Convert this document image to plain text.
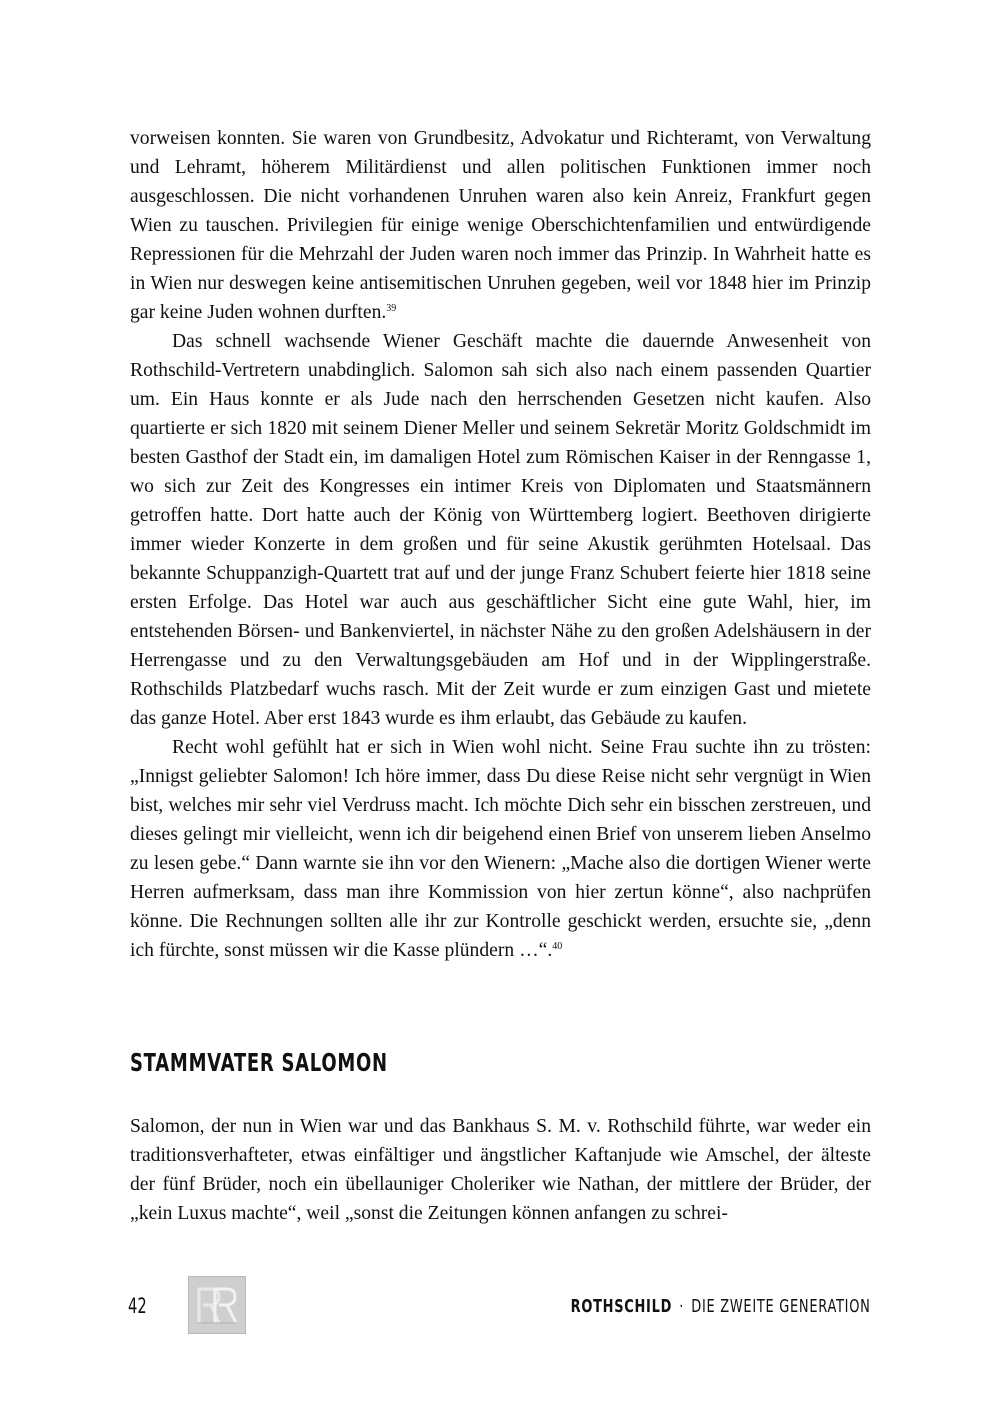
vorweisen konnten. Sie waren von Grundbesitz, Advokatur und Richteramt, von Verwaltung und Lehramt, höherem Militärdienst und allen politischen Funktionen immer noch ausgeschlossen. Die nicht vorhandenen Unruhen waren also kein Anreiz, Frankfurt gegen Wien zu tauschen. Privilegien für einige wenige Oberschichtenfamilien und entwürdigende Repressionen für die Mehrzahl der Juden waren noch immer das Prinzip. In Wahrheit hatte es in Wien nur deswegen keine antisemitischen Unruhen gegeben, weil vor 1848 hier im Prinzip gar keine Juden wohnen durften.$^{39}$

Das schnell wachsende Wiener Geschäft machte die dauernde Anwesenheit von Rothschild-Vertretern unabdinglich. Salomon sah sich also nach einem passenden Quartier um. Ein Haus konnte er als Jude nach den herrschenden Gesetzen nicht kaufen. Also quartierte er sich 1820 mit seinem Diener Meller und seinem Sekretär Moritz Goldschmidt im besten Gasthof der Stadt ein, im damaligen Hotel zum Römischen Kaiser in der Renngasse 1, wo sich zur Zeit des Kongresses ein intimer Kreis von Diplomaten und Staatsmännern getroffen hatte. Dort hatte auch der König von Württemberg logiert. Beethoven dirigierte immer wieder Konzerte in dem großen und für seine Akustik gerühmten Hotelsaal. Das bekannte Schuppanzigh-Quartett trat auf und der junge Franz Schubert feierte hier 1818 seine ersten Erfolge. Das Hotel war auch aus geschäftlicher Sicht eine gute Wahl, hier, im entstehenden Börsen- und Bankenviertel, in nächster Nähe zu den großen Adelshäusern in der Herrengasse und zu den Verwaltungsgebäuden am Hof und in der Wipplingerstraße. Rothschilds Platzbedarf wuchs rasch. Mit der Zeit wurde er zum einzigen Gast und mietete das ganze Hotel. Aber erst 1843 wurde es ihm erlaubt, das Gebäude zu kaufen.

Recht wohl gefühlt hat er sich in Wien wohl nicht. Seine Frau suchte ihn zu trösten: „Innigst geliebter Salomon! Ich höre immer, dass Du diese Reise nicht sehr vergnügt in Wien bist, welches mir sehr viel Verdruss macht. Ich möchte Dich sehr ein bisschen zerstreuen, und dieses gelingt mir vielleicht, wenn ich dir beigehend einen Brief von unserem lieben Anselmo zu lesen gebe.“ Dann warnte sie ihn vor den Wienern: „Mache also die dortigen Wiener werte Herren aufmerksam, dass man ihre Kommission von hier zertun könne“, also nachprüfen könne. Die Rechnungen sollten alle ihr zur Kontrolle geschickt werden, ersuchte sie, „denn ich fürchte, sonst müssen wir die Kasse plündern …“.$^{40}$

STAMMVATER SALOMON

Salomon, der nun in Wien war und das Bankhaus S. M. v. Rothschild führte, war weder ein traditionsverhafteter, etwas einfältiger und ängstlicher Kaftanjude wie Amschel, der älteste der fünf Brüder, noch ein übellauniger Choleriker wie Nathan, der mittlere der Brüder, der „kein Luxus machte“, weil „sonst die Zeitungen können anfangen zu schrei-

42	ROTHSCHILD · DIE ZWEITE GENERATION
